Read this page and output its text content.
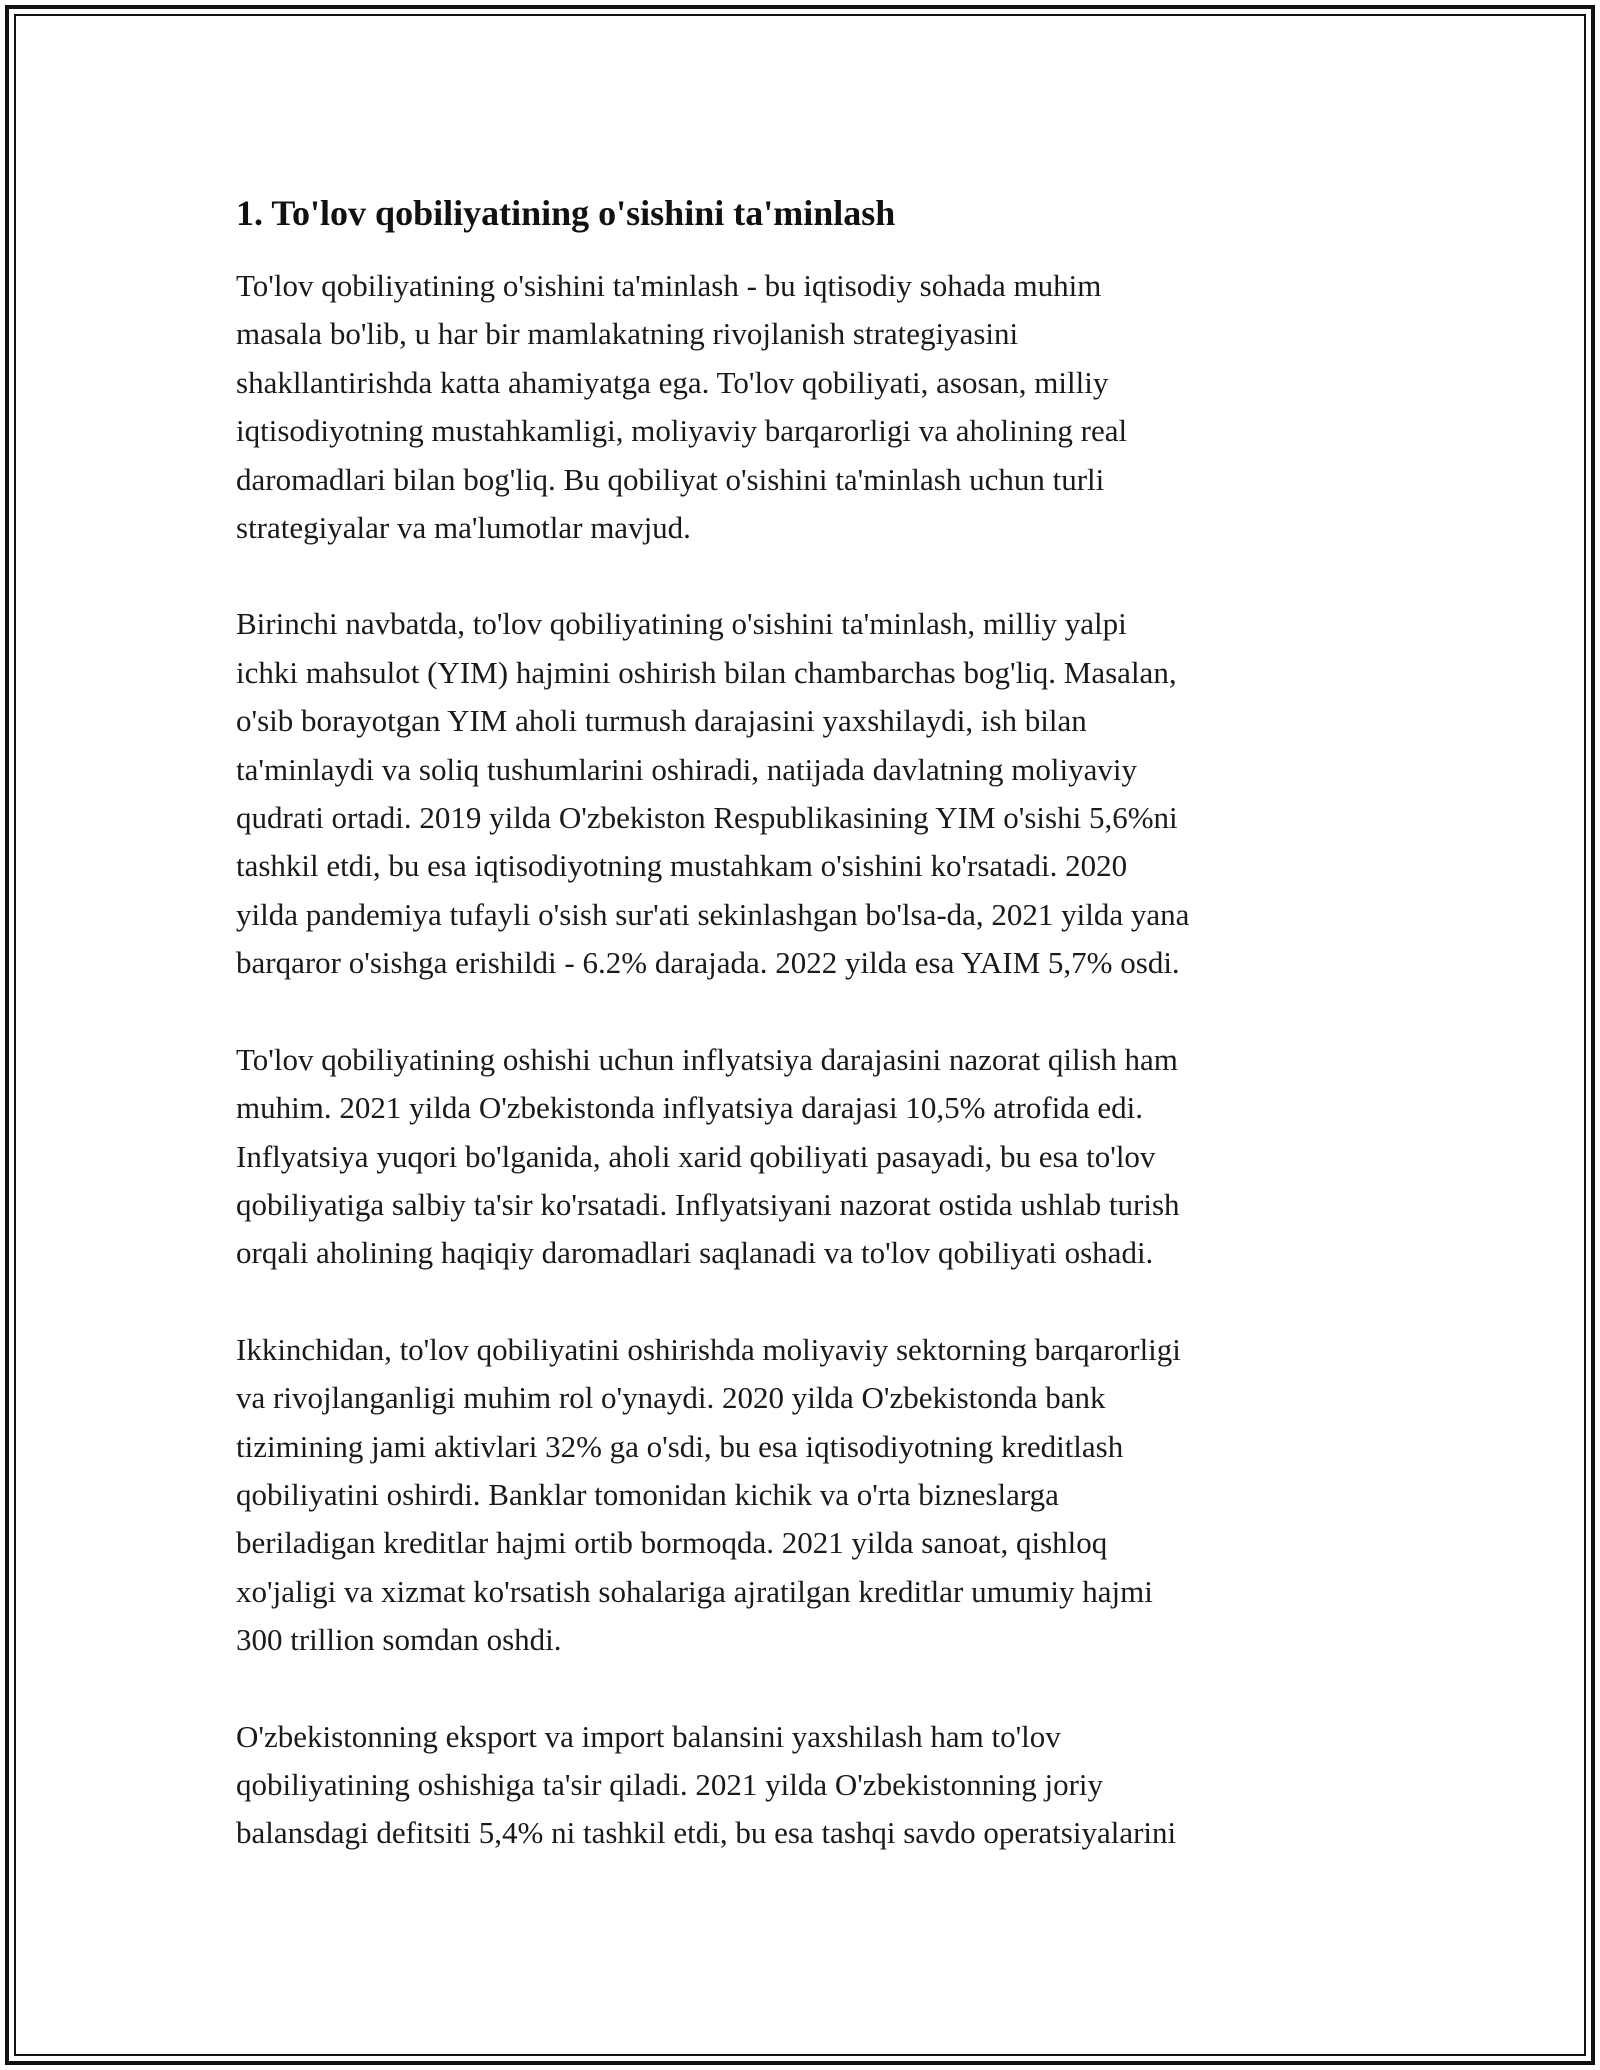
1. To'lov qobiliyatining o'sishini ta'minlash

To'lov qobiliyatining o'sishini ta'minlash - bu iqtisodiy sohada muhim
masala bo'lib, u har bir mamlakatning rivojlanish strategiyasini
shakllantirishda katta ahamiyatga ega. To'lov qobiliyati, asosan, milliy
iqtisodiyotning mustahkamligi, moliyaviy barqarorligi va aholining real
daromadlari bilan bog'liq. Bu qobiliyat o'sishini ta'minlash uchun turli
strategiyalar va ma'lumotlar mavjud.

Birinchi navbatda, to'lov qobiliyatining o'sishini ta'minlash, milliy yalpi
ichki mahsulot (YIM) hajmini oshirish bilan chambarchas bog'liq. Masalan,
o'sib borayotgan YIM aholi turmush darajasini yaxshilaydi, ish bilan
ta'minlaydi va soliq tushumlarini oshiradi, natijada davlatning moliyaviy
qudrati ortadi. 2019 yilda O'zbekiston Respublikasining YIM o'sishi 5,6%ni
tashkil etdi, bu esa iqtisodiyotning mustahkam o'sishini ko'rsatadi. 2020
yilda pandemiya tufayli o'sish sur'ati sekinlashgan bo'lsa-da, 2021 yilda yana
barqaror o'sishga erishildi - 6.2% darajada. 2022 yilda esa YAIM 5,7% osdi.

To'lov qobiliyatining oshishi uchun inflyatsiya darajasini nazorat qilish ham
muhim. 2021 yilda O'zbekistonda inflyatsiya darajasi 10,5% atrofida edi.
Inflyatsiya yuqori bo'lganida, aholi xarid qobiliyati pasayadi, bu esa to'lov
qobiliyatiga salbiy ta'sir ko'rsatadi. Inflyatsiyani nazorat ostida ushlab turish
orqali aholining haqiqiy daromadlari saqlanadi va to'lov qobiliyati oshadi.

Ikkinchidan, to'lov qobiliyatini oshirishda moliyaviy sektorning barqarorligi
va rivojlanganligi muhim rol o'ynaydi. 2020 yilda O'zbekistonda bank
tizimining jami aktivlari 32% ga o'sdi, bu esa iqtisodiyotning kreditlash
qobiliyatini oshirdi. Banklar tomonidan kichik va o'rta bizneslarga
beriladigan kreditlar hajmi ortib bormoqda. 2021 yilda sanoat, qishloq
xo'jaligi va xizmat ko'rsatish sohalariga ajratilgan kreditlar umumiy hajmi
300 trillion somdan oshdi.

O'zbekistonning eksport va import balansini yaxshilash ham to'lov
qobiliyatining oshishiga ta'sir qiladi. 2021 yilda O'zbekistonning joriy
balansdagi defitsiti 5,4% ni tashkil etdi, bu esa tashqi savdo operatsiyalarini
